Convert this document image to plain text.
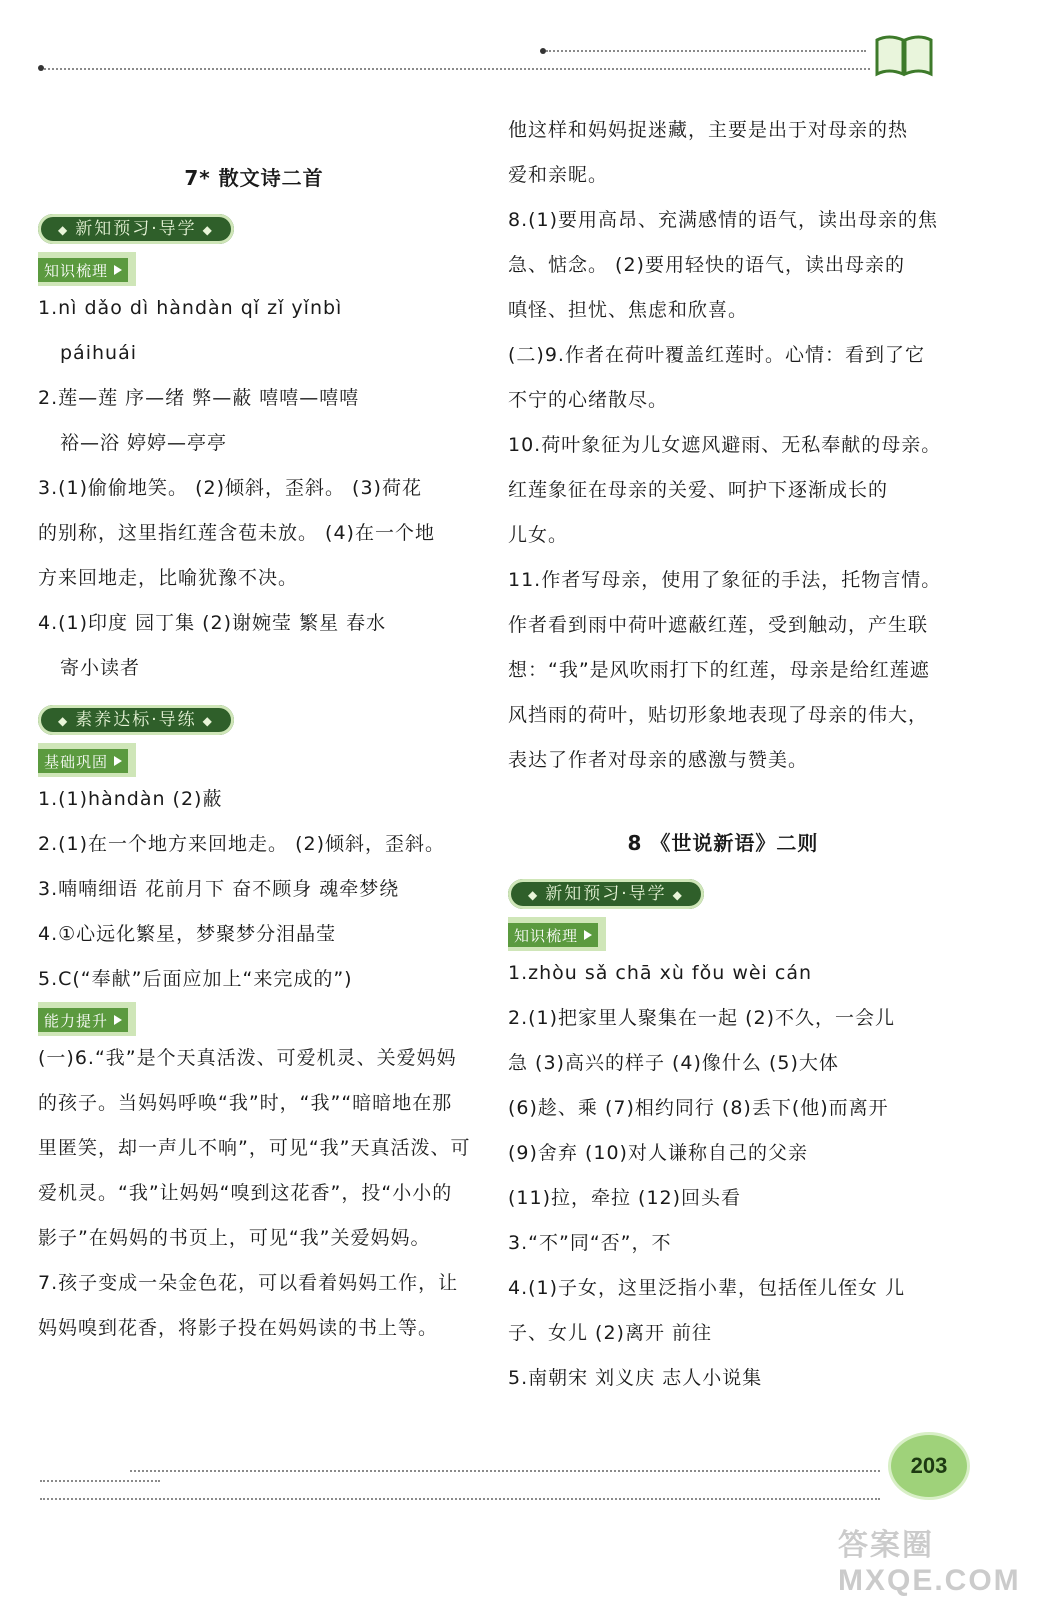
7* 散文诗二首
◆ 新知预习·导学 ◆
知识梳理
1.nì dǎo dì hàndàn qǐ zǐ yǐnbì
páihuái
2.莲—莲 序—绪 弊—蔽 嘻嘻—嘻嘻
裕—浴 婷婷—亭亭
3.(1)偷偷地笑。 (2)倾斜，歪斜。 (3)荷花
的别称，这里指红莲含苞未放。 (4)在一个地
方来回地走，比喻犹豫不决。
4.(1)印度 园丁集 (2)谢婉莹 繁星 春水
寄小读者
◆ 素养达标·导练 ◆
基础巩固
1.(1)hàndàn (2)蔽
2.(1)在一个地方来回地走。 (2)倾斜，歪斜。
3.喃喃细语 花前月下 奋不顾身 魂牵梦绕
4.①心远化繁星，梦聚梦分泪晶莹
5.C(“奉献”后面应加上“来完成的”)
能力提升
(一)6.“我”是个天真活泼、可爱机灵、关爱妈妈
的孩子。当妈妈呼唤“我”时，“我”“暗暗地在那
里匿笑，却一声儿不响”，可见“我”天真活泼、可
爱机灵。“我”让妈妈“嗅到这花香”，投“小小的
影子”在妈妈的书页上，可见“我”关爱妈妈。
7.孩子变成一朵金色花，可以看着妈妈工作，让
妈妈嗅到花香，将影子投在妈妈读的书上等。
他这样和妈妈捉迷藏，主要是出于对母亲的热
爱和亲昵。
8.(1)要用高昂、充满感情的语气，读出母亲的焦
急、惦念。 (2)要用轻快的语气，读出母亲的
嗔怪、担忧、焦虑和欣喜。
(二)9.作者在荷叶覆盖红莲时。心情：看到了它
不宁的心绪散尽。
10.荷叶象征为儿女遮风避雨、无私奉献的母亲。
红莲象征在母亲的关爱、呵护下逐渐成长的
儿女。
11.作者写母亲，使用了象征的手法，托物言情。
作者看到雨中荷叶遮蔽红莲，受到触动，产生联
想：“我”是风吹雨打下的红莲，母亲是给红莲遮
风挡雨的荷叶，贴切形象地表现了母亲的伟大，
表达了作者对母亲的感激与赞美。
8 《世说新语》二则
◆ 新知预习·导学 ◆
知识梳理
1.zhòu sǎ chā xù fǒu wèi cán
2.(1)把家里人聚集在一起 (2)不久，一会儿
急 (3)高兴的样子 (4)像什么 (5)大体
(6)趁、乘 (7)相约同行 (8)丢下(他)而离开
(9)舍弃 (10)对人谦称自己的父亲
(11)拉，牵拉 (12)回头看
3.“不”同“否”，不
4.(1)子女，这里泛指小辈，包括侄儿侄女 儿
子、女儿 (2)离开 前往
5.南朝宋 刘义庆 志人小说集
203
答案圈 MXQE.COM
